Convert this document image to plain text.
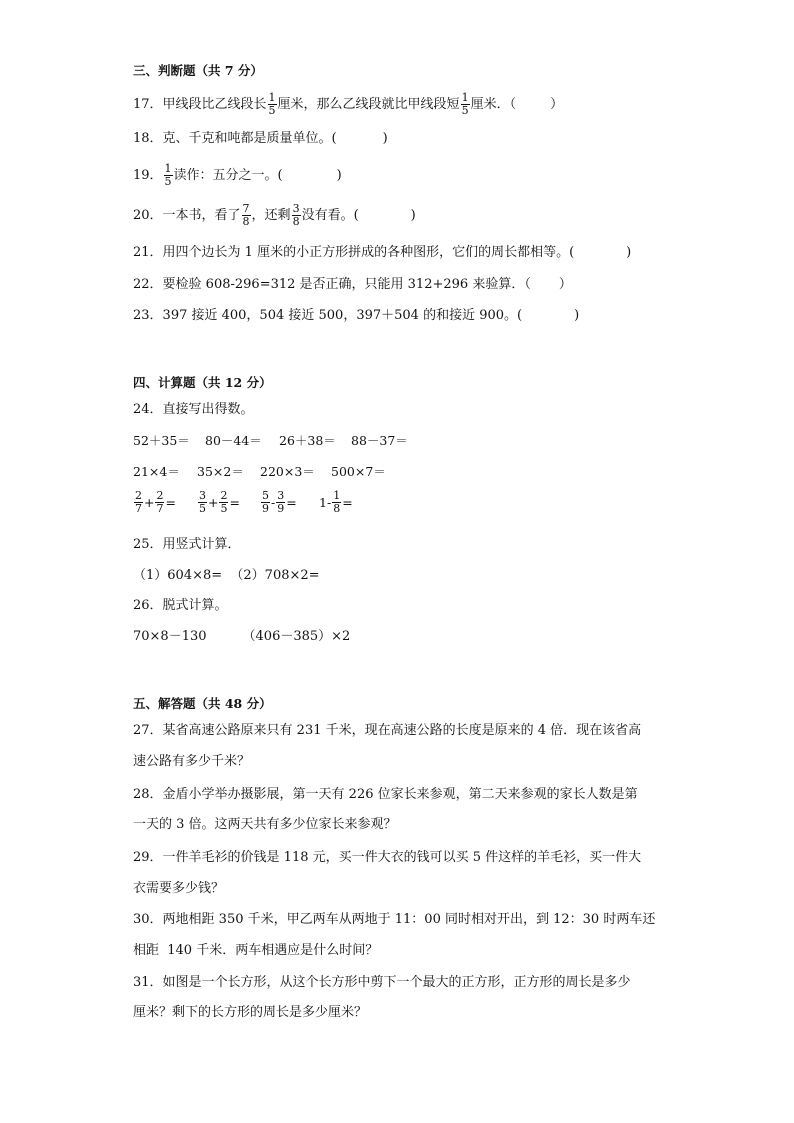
三、判断题（共 7 分）
17．甲线段比乙线段长 $\frac{1}{5}$ 厘米，那么乙线段就比甲线段短 $\frac{1}{5}$ 厘米．（	）
18．克、千克和吨都是质量单位。(	)
19． $\frac{1}{5}$ 读作：五分之一。(	)
20．一本书，看了 $\frac{7}{8}$ ，还剩 $\frac{3}{8}$ 没有看。(	)
21．用四个边长为 1 厘米的小正方形拼成的各种图形，它们的周长都相等。(	)
22．要检验 608-296=312 是否正确，只能用 312+296 来验算．（ ）
23．397 接近 400，504 接近 500，397＋504 的和接近 900。(	)
四、计算题（共 12 分）
24．直接写出得数。
52＋35＝ 80－44＝ 26＋38＝ 88－37＝
21×4＝ 35×2＝ 220×3＝ 500×7＝
$\frac{2}{7} + \frac{2}{7} = \frac{3}{5} + \frac{2}{5} = \frac{5}{9} - \frac{3}{9} = 1- \frac{1}{8}$ =
25．用竖式计算．
（1）604×8=  （2）708×2=
26．脱式计算。
70×8－130	（406－385）×2
五、解答题（共 48 分）
27．某省高速公路原来只有 231 千米，现在高速公路的长度是原来的 4 倍．现在该省高
速公路有多少千米？
28．金盾小学举办摄影展，第一天有 226 位家长来参观，第二天来参观的家长人数是第
一天的 3 倍。这两天共有多少位家长来参观？
29．一件羊毛衫的价钱是 118 元，买一件大衣的钱可以买 5 件这样的羊毛衫，买一件大
衣需要多少钱？
30．两地相距 350 千米，甲乙两车从两地于 11：00 同时相对开出，到 12：30 时两车还
相距  140 千米．两车相遇应是什么时间？
31．如图是一个长方形，从这个长方形中剪下一个最大的正方形，正方形的周长是多少
厘米？剩下的长方形的周长是多少厘米？
